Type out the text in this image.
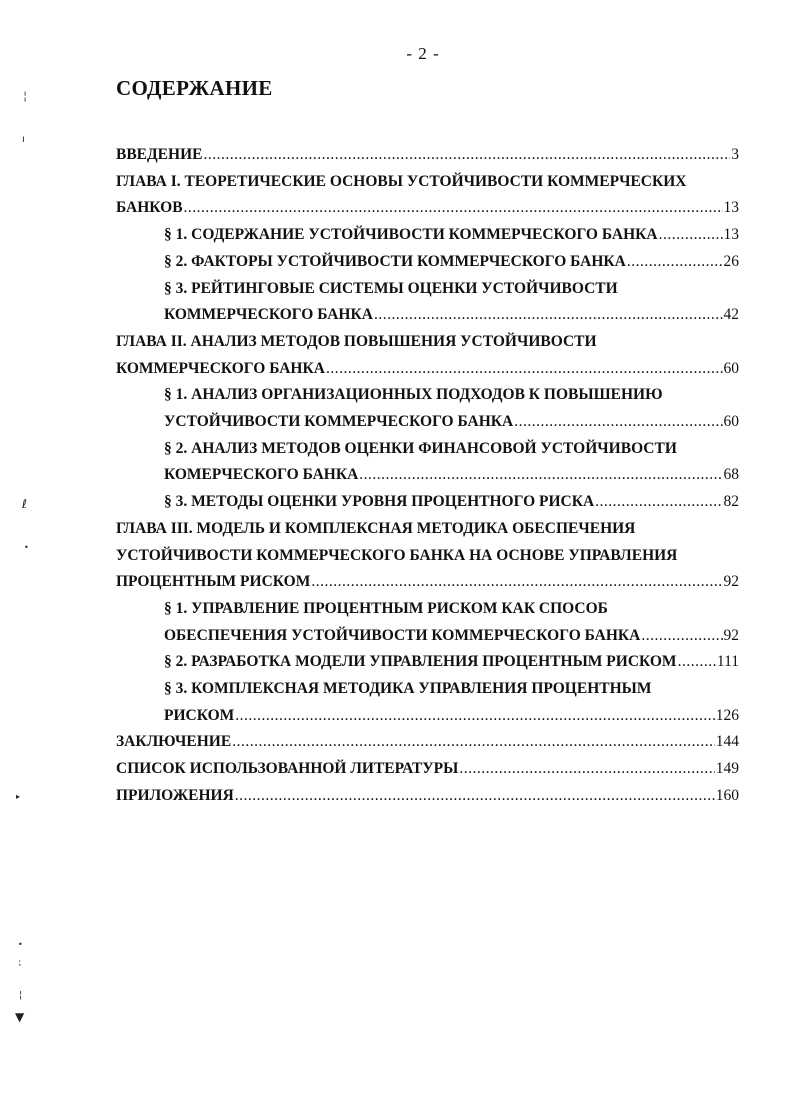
- 2 -
СОДЕРЖАНИЕ
ВВЕДЕНИЕ .....	3
ГЛАВА I. ТЕОРЕТИЧЕСКИЕ ОСНОВЫ УСТОЙЧИВОСТИ КОММЕРЧЕСКИХ
БАНКОВ .....	13
§ 1. СОДЕРЖАНИЕ УСТОЙЧИВОСТИ КОММЕРЧЕСКОГО БАНКА .....	13
§ 2. ФАКТОРЫ УСТОЙЧИВОСТИ КОММЕРЧЕСКОГО БАНКА .....	26
§ 3. РЕЙТИНГОВЫЕ СИСТЕМЫ ОЦЕНКИ УСТОЙЧИВОСТИ
КОММЕРЧЕСКОГО БАНКА .....	42
ГЛАВА II. АНАЛИЗ МЕТОДОВ ПОВЫШЕНИЯ УСТОЙЧИВОСТИ
КОММЕРЧЕСКОГО БАНКА .....	60
§ 1. АНАЛИЗ ОРГАНИЗАЦИОННЫХ ПОДХОДОВ К ПОВЫШЕНИЮ
УСТОЙЧИВОСТИ КОММЕРЧЕСКОГО БАНКА .....	60
§ 2. АНАЛИЗ МЕТОДОВ ОЦЕНКИ ФИНАНСОВОЙ УСТОЙЧИВОСТИ
КОМЕРЧЕСКОГО БАНКА .....	68
§ 3. МЕТОДЫ ОЦЕНКИ УРОВНЯ ПРОЦЕНТНОГО РИСКА .....	82
ГЛАВА III. МОДЕЛЬ И КОМПЛЕКСНАЯ МЕТОДИКА ОБЕСПЕЧЕНИЯ
УСТОЙЧИВОСТИ КОММЕРЧЕСКОГО БАНКА НА ОСНОВЕ УПРАВЛЕНИЯ
ПРОЦЕНТНЫМ РИСКОМ .....	92
§ 1. УПРАВЛЕНИЕ ПРОЦЕНТНЫМ РИСКОМ КАК СПОСОБ
ОБЕСПЕЧЕНИЯ УСТОЙЧИВОСТИ КОММЕРЧЕСКОГО БАНКА .....	92
§ 2. РАЗРАБОТКА МОДЕЛИ УПРАВЛЕНИЯ ПРОЦЕНТНЫМ РИСКОМ .....	111
§ 3. КОМПЛЕКСНАЯ МЕТОДИКА УПРАВЛЕНИЯ ПРОЦЕНТНЫМ
РИСКОМ .....	126
ЗАКЛЮЧЕНИЕ .....	144
СПИСОК ИСПОЛЬЗОВАННОЙ ЛИТЕРАТУРЫ .....	149
ПРИЛОЖЕНИЯ .....	160
╎
ı
ℓ
•
▸
•
⁏
¦
▼
